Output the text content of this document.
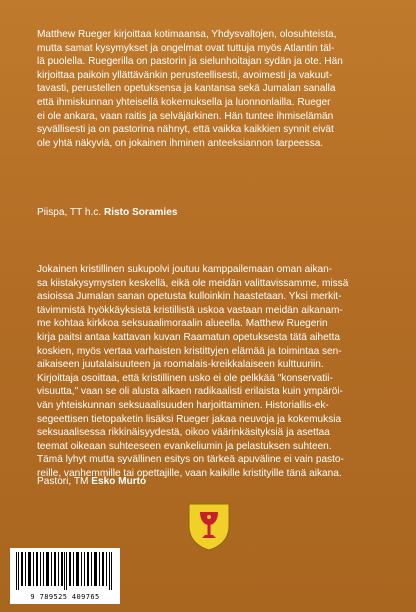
Matthew Rueger kirjoittaa kotimaansa, Yhdysvaltojen, olosuhteista,
mutta samat kysymykset ja ongelmat ovat tuttuja myös Atlantin täl-
lä puolella. Ruegerilla on pastorin ja sielunhoitajan sydän ja ote. Hän
kirjoittaa paikoin yllättävänkin perusteellisesti, avoimesti ja vakuut-
tavasti, perustellen opetuksensa ja kantansa sekä Jumalan sanalla
että ihmiskunnan yhteisellä kokemuksella ja luonnonlailla. Rueger
ei ole ankara, vaan raitis ja selväjärkinen. Hän tuntee ihmiselämän
syvällisesti ja on pastorina nähnyt, että vaikka kaikkien synnit eivät
ole yhtä näkyviä, on jokainen ihminen anteeksiannon tarpeessa.
Piispa, TT h.c. Risto Soramies
Jokainen kristillinen sukupolvi joutuu kamppailemaan oman aikan-
sa kiistakysymysten keskellä, eikä ole meidän valittavissamme, missä
asioissa Jumalan sanan opetusta kulloinkin haastetaan. Yksi merkit-
tävimmistä hyökkäyksistä kristillistä uskoa vastaan meidän aikanam-
me kohtaa kirkkoa seksuaalimoraalin alueella. Matthew Ruegerin
kirja paitsi antaa kattavan kuvan Raamatun opetuksesta tätä aihetta
koskien, myös vertaa varhaisten kristittyjen elämää ja toimintaa sen-
aikaiseen juutalaisuuteen ja roomalais-kreikkalaiseen kulttuuriin.
Kirjoittaja osoittaa, että kristillinen usko ei ole pelkkää "konservatii-
visuutta," vaan se oli alusta alkaen radikaalisti erilaista kuin ympäröi-
vän yhteiskunnan seksuaalisuuden harjoittaminen. Historiallis-ek-
segeettisen tietopaketin lisäksi Rueger jakaa neuvoja ja kokemuksia
seksuaalisessa rikkinäisyydestä, oikoo väärinkäsityksiä ja asettaa
teemat oikeaan suhteeseen evankeliumin ja pelastuksen suhteen.
Tämä lyhyt mutta syvällinen esitys on tärkeä apuväline ei vain pasto-
reille, vanhemmille tai opettajille, vaan kaikille kristityille tänä aikana.
Pastori, TM Esko Murto
9 789525 409765
